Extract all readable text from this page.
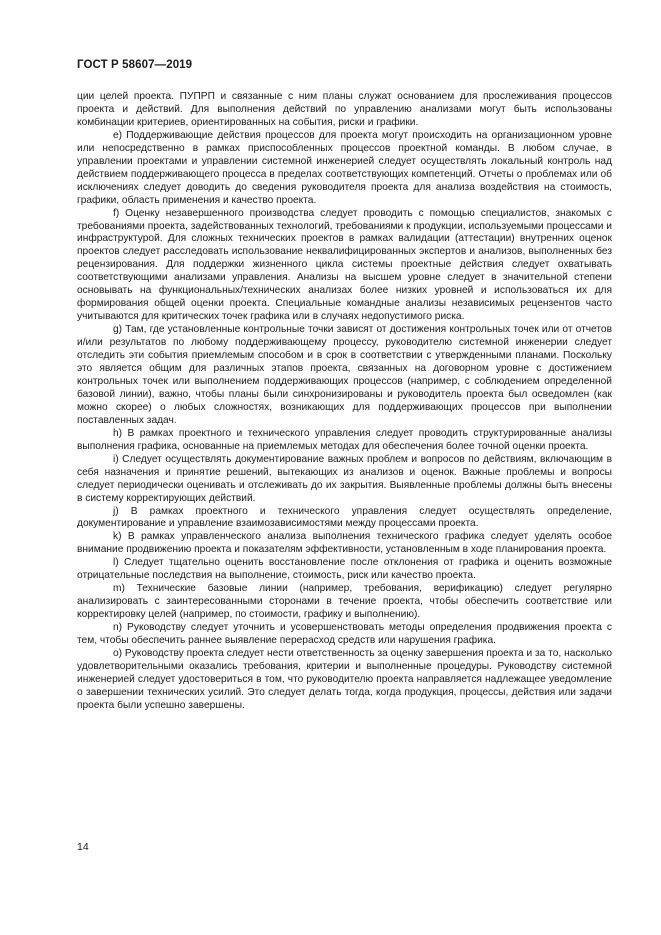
ГОСТ Р 58607—2019

ции целей проекта. ПУПРП и связанные с ним планы служат основанием для прослеживания процессов проекта и действий. Для выполнения действий по управлению анализами могут быть использованы комбинации критериев, ориентированных на события, риски и графики.

e) Поддерживающие действия процессов для проекта могут происходить на организационном уровне или непосредственно в рамках приспособленных процессов проектной команды. В любом случае, в управлении проектами и управлении системной инженерией следует осуществлять локальный контроль над действием поддерживающего процесса в пределах соответствующих компетенций. Отчеты о проблемах или об исключениях следует доводить до сведения руководителя проекта для анализа воздействия на стоимость, графики, область применения и качество проекта.

f) Оценку незавершенного производства следует проводить с помощью специалистов, знакомых с требованиями проекта, задействованных технологий, требованиями к продукции, используемыми процессами и инфраструктурой. Для сложных технических проектов в рамках валидации (аттестации) внутренних оценок проектов следует расследовать использование неквалифицированных экспертов и анализов, выполненных без рецензирования. Для поддержки жизненного цикла системы проектные действия следует охватывать соответствующими анализами управления. Анализы на высшем уровне следует в значительной степени основывать на функциональных/технических анализах более низких уровней и использоваться их для формирования общей оценки проекта. Специальные командные анализы независимых рецензентов часто учитываются для критических точек графика или в случаях недопустимого риска.

g) Там, где установленные контрольные точки зависят от достижения контрольных точек или от отчетов и/или результатов по любому поддерживающему процессу, руководителю системной инженерии следует отследить эти события приемлемым способом и в срок в соответствии с утвержденными планами. Поскольку это является общим для различных этапов проекта, связанных на договорном уровне с достижением контрольных точек или выполнением поддерживающих процессов (например, с соблюдением определенной базовой линии), важно, чтобы планы были синхронизированы и руководитель проекта был осведомлен (как можно скорее) о любых сложностях, возникающих для поддерживающих процессов при выполнении поставленных задач.

h) В рамках проектного и технического управления следует проводить структурированные анализы выполнения графика, основанные на приемлемых методах для обеспечения более точной оценки проекта.

i) Следует осуществлять документирование важных проблем и вопросов по действиям, включающим в себя назначения и принятие решений, вытекающих из анализов и оценок. Важные проблемы и вопросы следует периодически оценивать и отслеживать до их закрытия. Выявленные проблемы должны быть внесены в систему корректирующих действий.

j) В рамках проектного и технического управления следует осуществлять определение, документирование и управление взаимозависимостями между процессами проекта.

k) В рамках управленческого анализа выполнения технического графика следует уделять особое внимание продвижению проекта и показателям эффективности, установленным в ходе планирования проекта.

l) Следует тщательно оценить восстановление после отклонения от графика и оценить возможные отрицательные последствия на выполнение, стоимость, риск или качество проекта.

m) Технические базовые линии (например, требования, верификацию) следует регулярно анализировать с заинтересованными сторонами в течение проекта, чтобы обеспечить соответствие или корректировку целей (например, по стоимости, графику и выполнению).

n) Руководству следует уточнить и усовершенствовать методы определения продвижения проекта с тем, чтобы обеспечить раннее выявление перерасход средств или нарушения графика.

o) Руководству проекта следует нести ответственность за оценку завершения проекта и за то, насколько удовлетворительными оказались требования, критерии и выполненные процедуры. Руководству системной инженерией следует удостовериться в том, что руководителю проекта направляется надлежащее уведомление о завершении технических усилий. Это следует делать тогда, когда продукция, процессы, действия или задачи проекта были успешно завершены.

14
